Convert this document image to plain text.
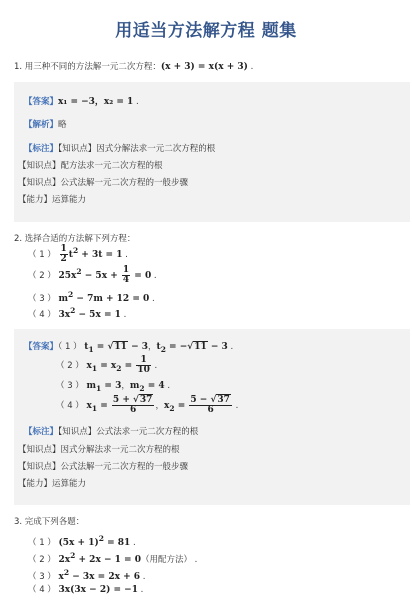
用适当方法解方程 题集
1. 用三种不同的方法解一元二次方程：(x + 3) = x(x + 3) .
【答案】x₁ = −3，x₂ = 1 .
【解析】略
【标注】【知识点】因式分解法求一元二次方程的根
【知识点】配方法求一元二次方程的根
【知识点】公式法解一元二次方程的一般步骤
【能力】运算能力
2. 选择合适的方法解下列方程：
（ 1 ） $\frac{1}{2} t^2 + 3t = 1$ .
（ 2 ） $25x^2 - 5x + \frac{1}{4} = 0$ .
（ 3 ） $m^2 - 7m + 12 = 0$ .
（ 4 ） $3x^2 - 5x = 1$ .
【答案】（ 1 ） $t_1 = √11 - 3$，$t_2 = -√11 - 3$ .
（ 2 ） $x_1 = x_2 = \frac{1}{10}$ .
（ 3 ） $m_1 = 3$，$m_2 = 4$ .
（ 4 ） $x_1 = \frac{5 + √37}{6}$ ，$x_2 = \frac{5 - √37}{6}$ .
【标注】【知识点】公式法求一元二次方程的根
【知识点】因式分解法求一元二次方程的根
【知识点】公式法解一元二次方程的一般步骤
【能力】运算能力
3. 完成下列各题：
（ 1 ） $(5x + 1)^2 = 81$ .
（ 2 ） $2x^2 + 2x - 1 = 0$（用配方法） .
（ 3 ） $x^2 - 3x = 2x + 6$ .
（ 4 ） 3x(3x − 2) = −1 .
